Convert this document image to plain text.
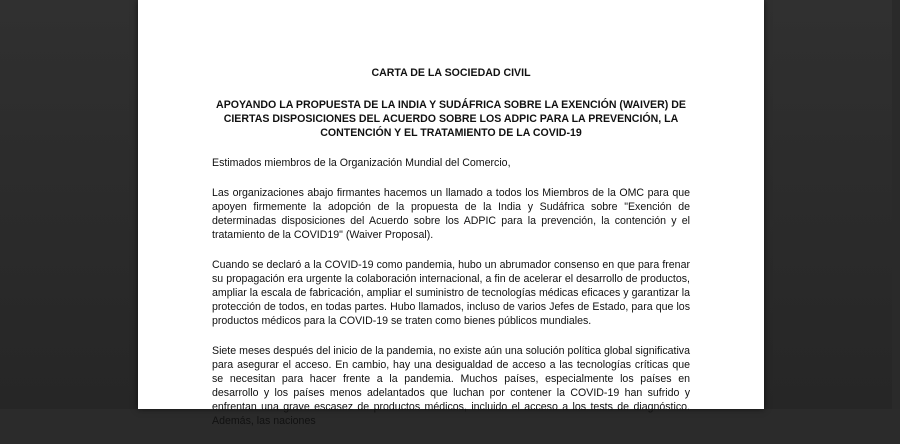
CARTA DE LA SOCIEDAD CIVIL
APOYANDO LA PROPUESTA DE LA INDIA Y SUDÁFRICA SOBRE LA EXENCIÓN (WAIVER) DE CIERTAS DISPOSICIONES DEL ACUERDO SOBRE LOS ADPIC PARA LA PREVENCIÓN, LA CONTENCIÓN Y EL TRATAMIENTO DE LA COVID-19
Estimados miembros de la Organización Mundial del Comercio,
Las organizaciones abajo firmantes hacemos un llamado a todos los Miembros de la OMC para que apoyen firmemente la adopción de la propuesta de la India y Sudáfrica sobre "Exención de determinadas disposiciones del Acuerdo sobre los ADPIC para la prevención, la contención y el tratamiento de la COVID19" (Waiver Proposal).
Cuando se declaró a la COVID-19 como pandemia, hubo un abrumador consenso en que para frenar su propagación era urgente la colaboración internacional, a fin de acelerar el desarrollo de productos, ampliar la escala de fabricación, ampliar el suministro de tecnologías médicas eficaces y garantizar la protección de todos, en todas partes. Hubo llamados, incluso de varios Jefes de Estado, para que los productos médicos para la COVID-19 se traten como bienes públicos mundiales.
Siete meses después del inicio de la pandemia, no existe aún una solución política global significativa para asegurar el acceso. En cambio, hay una desigualdad de acceso a las tecnologías críticas que se necesitan para hacer frente a la pandemia. Muchos países, especialmente los países en desarrollo y los países menos adelantados que luchan por contener la COVID-19 han sufrido y enfrentan una grave escasez de productos médicos, incluido el acceso a los tests de diagnóstico. Además, las naciones
